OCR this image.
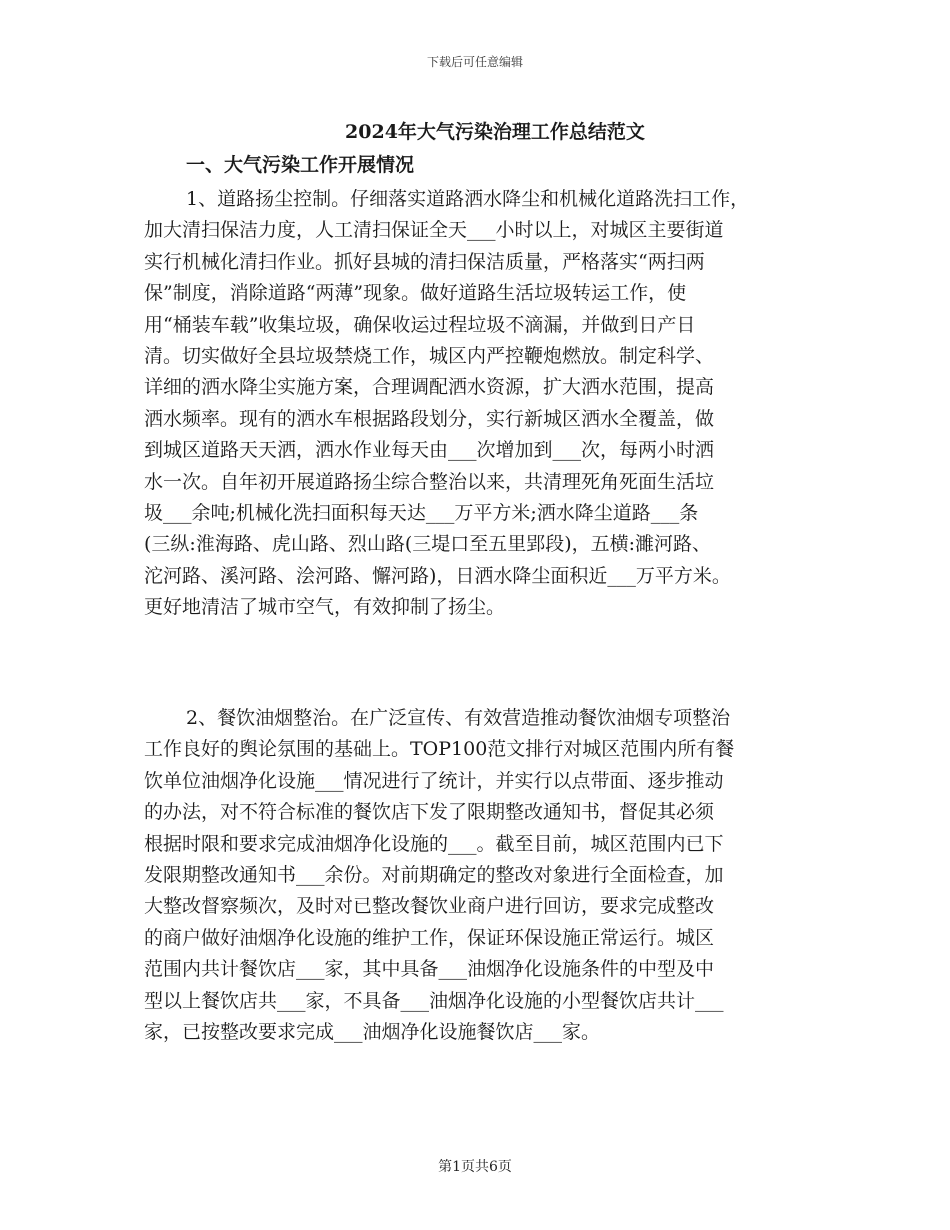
下载后可任意编辑
2024年大气污染治理工作总结范文
一、大气污染工作开展情况
1、道路扬尘控制。仔细落实道路洒水降尘和机械化道路洗扫工作，
加大清扫保洁力度，人工清扫保证全天___小时以上，对城区主要街道
实行机械化清扫作业。抓好县城的清扫保洁质量，严格落实“两扫两
保”制度，消除道路“两薄”现象。做好道路生活垃圾转运工作，使
用“桶装车载”收集垃圾，确保收运过程垃圾不滴漏，并做到日产日
清。切实做好全县垃圾禁烧工作，城区内严控鞭炮燃放。制定科学、
详细的洒水降尘实施方案，合理调配洒水资源，扩大洒水范围，提高
洒水频率。现有的洒水车根据路段划分，实行新城区洒水全覆盖，做
到城区道路天天洒，洒水作业每天由___次增加到___次，每两小时洒
水一次。自年初开展道路扬尘综合整治以来，共清理死角死面生活垃
圾___余吨;机械化洗扫面积每天达___万平方米;洒水降尘道路___条
(三纵:淮海路、虎山路、烈山路(三堤口至五里郢段)，五横:濉河路、
沱河路、溪河路、浍河路、懈河路)，日洒水降尘面积近___万平方米。
更好地清洁了城市空气，有效抑制了扬尘。
2、餐饮油烟整治。在广泛宣传、有效营造推动餐饮油烟专项整治
工作良好的舆论氛围的基础上。TOP100范文排行对城区范围内所有餐
饮单位油烟净化设施___情况进行了统计，并实行以点带面、逐步推动
的办法，对不符合标准的餐饮店下发了限期整改通知书，督促其必须
根据时限和要求完成油烟净化设施的___。截至目前，城区范围内已下
发限期整改通知书___余份。对前期确定的整改对象进行全面检查，加
大整改督察频次，及时对已整改餐饮业商户进行回访，要求完成整改
的商户做好油烟净化设施的维护工作，保证环保设施正常运行。城区
范围内共计餐饮店___家，其中具备___油烟净化设施条件的中型及中
型以上餐饮店共___家，不具备___油烟净化设施的小型餐饮店共计___
家，已按整改要求完成___油烟净化设施餐饮店___家。
第1页共6页
